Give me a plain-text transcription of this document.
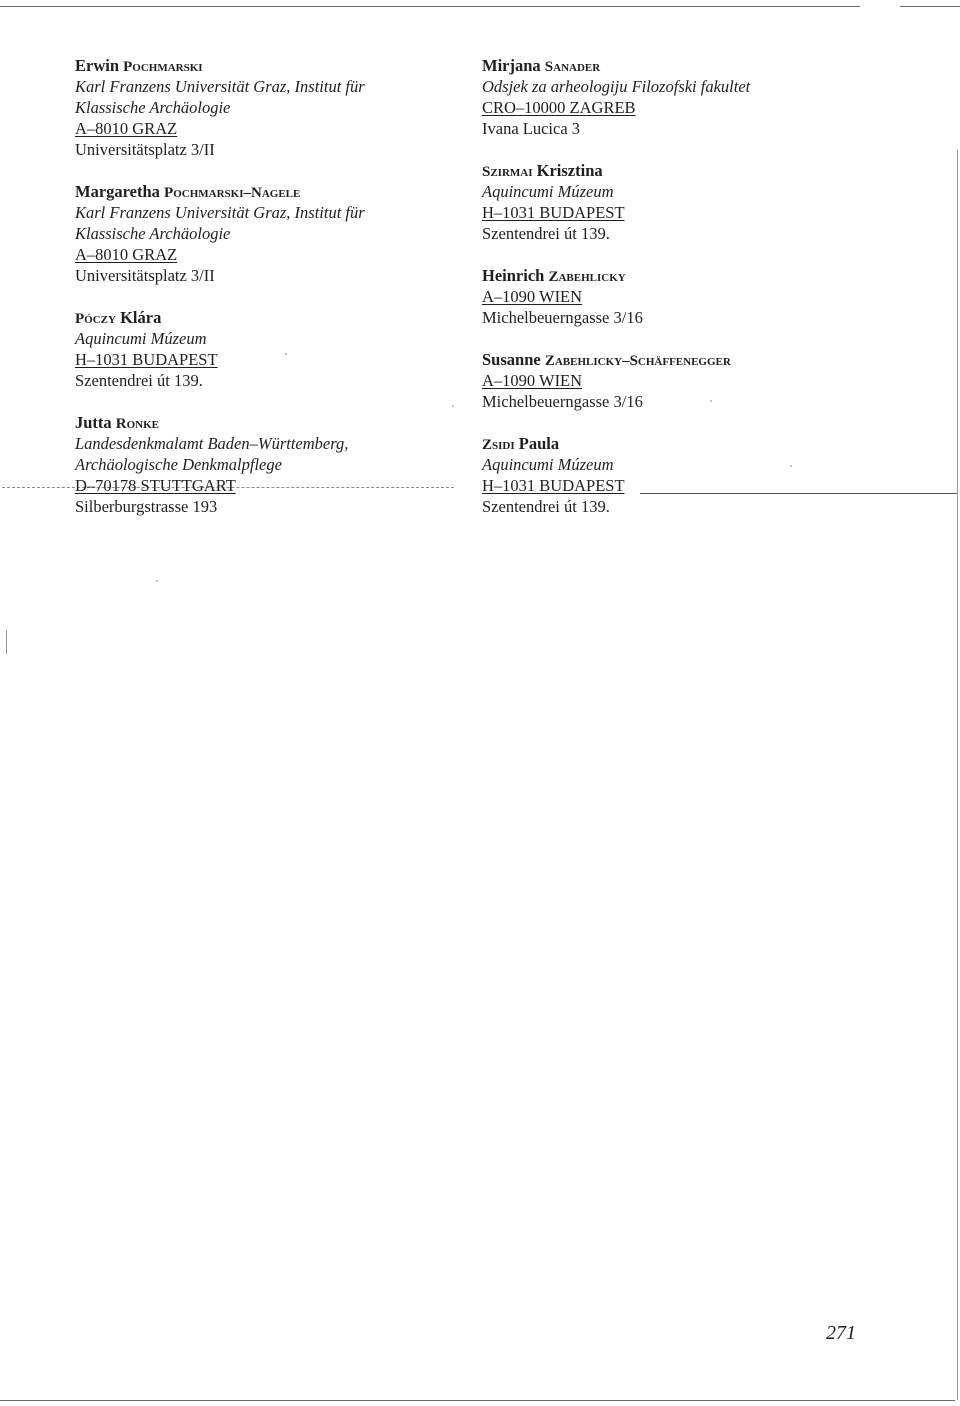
Erwin Pochmarski
Karl Franzens Universität Graz, Institut für
Klassische Archäologie
A–8010 GRAZ
Universitätsplatz 3/II
Margaretha Pochmarski–Nagele
Karl Franzens Universität Graz, Institut für
Klassische Archäologie
A–8010 GRAZ
Universitätsplatz 3/II
Póczy Klára
Aquincumi Múzeum
H–1031 BUDAPEST
Szentendrei út 139.
Jutta Ronke
Landesdenkmalamt Baden–Württemberg,
Archäologische Denkmalpflege
D–70178 STUTTGART
Silberburgstrasse 193
Mirjana Sanader
Odsjek za arheologiju Filozofski fakultet
CRO–10000 ZAGREB
Ivana Lucica 3
Szirmai Krisztina
Aquincumi Múzeum
H–1031 BUDAPEST
Szentendrei út 139.
Heinrich Zabehlicky
A–1090 WIEN
Michelbeuerngasse 3/16
Susanne Zabehlicky–Schäffenegger
A–1090 WIEN
Michelbeuerngasse 3/16
Zsidi Paula
Aquincumi Múzeum
H–1031 BUDAPEST
Szentendrei út 139.
271
